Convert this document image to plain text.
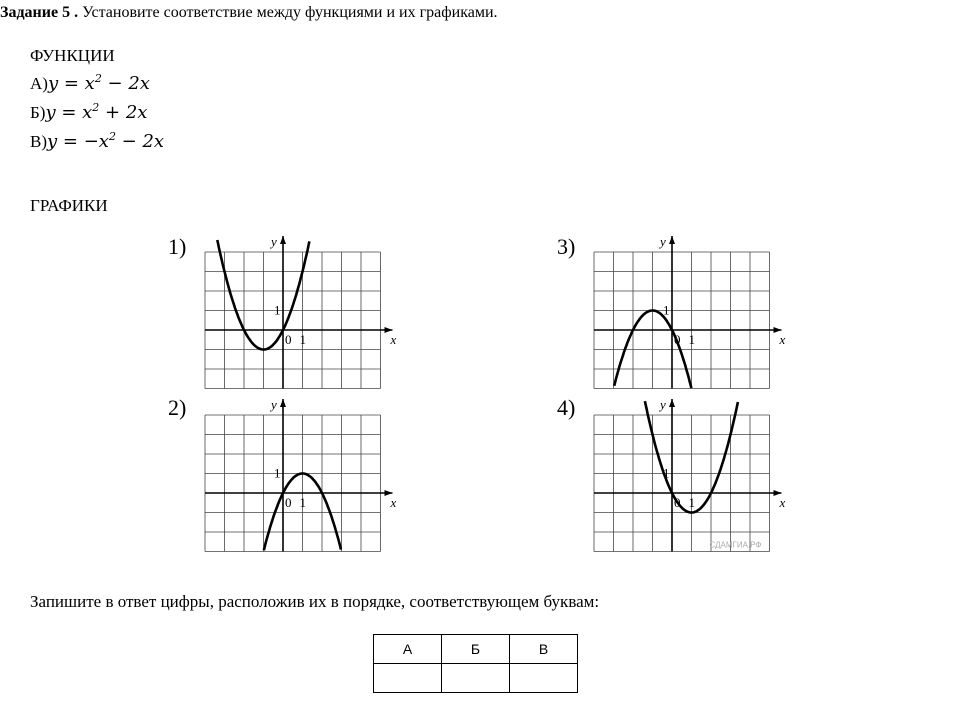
Задание 5 . Установите соответствие между функциями и их графиками.
ФУНКЦИИ
$А)y = x^2 - 2x$
$Б)y = x^2 + 2x$
$В)y = -x^2 - 2x$
ГРАФИКИ
1)
2)
3)
4)
x
y
0 1
1
x
y
0 1
1
x
y
0 1
1
x
y
0 1
1
СДАМГИА.РФ
Запишите в ответ цифры, расположив их в порядке, соответствующем буквам:
А	Б	В
